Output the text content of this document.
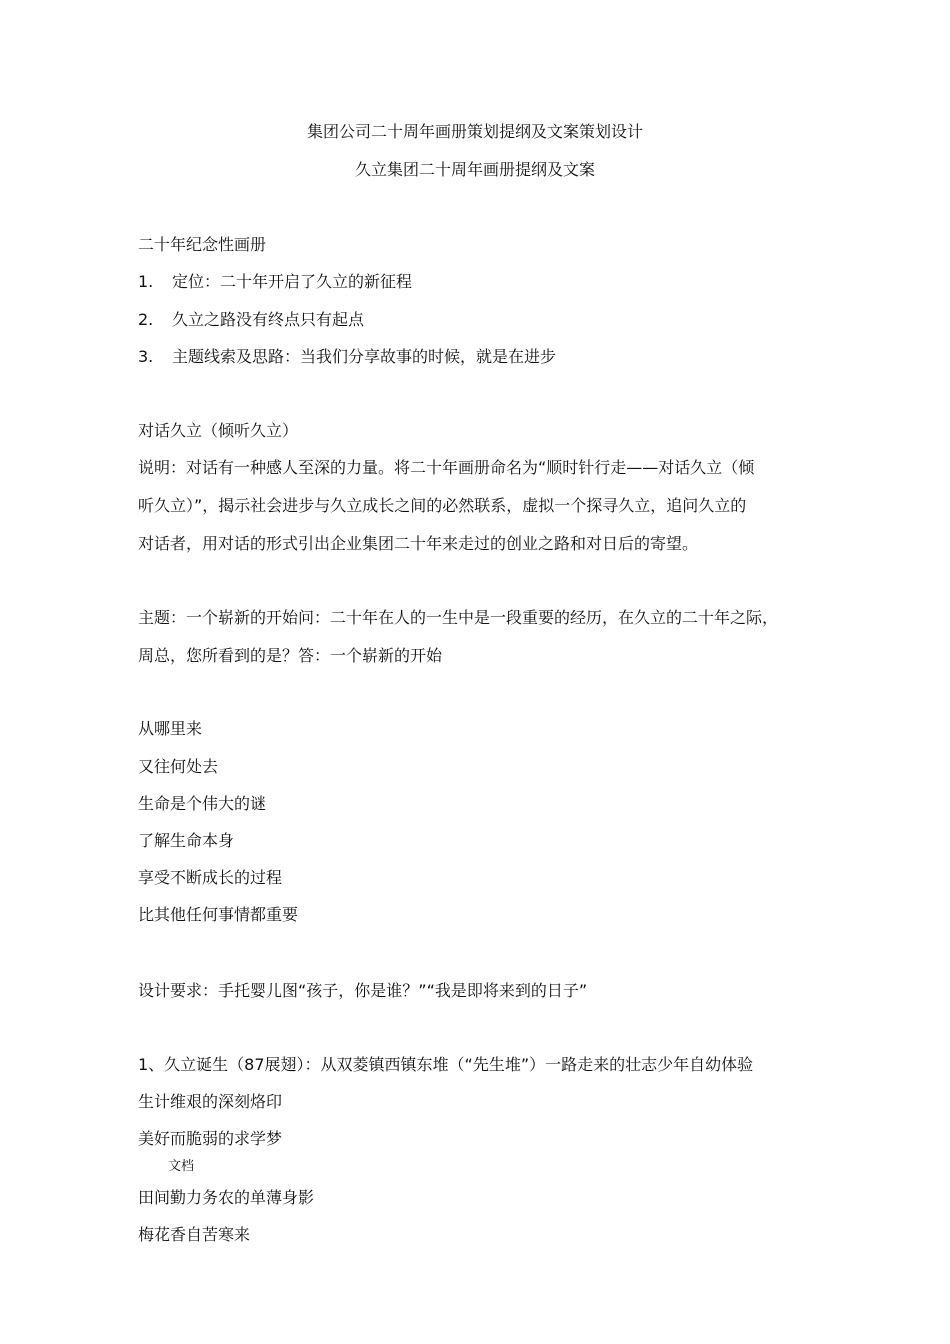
集团公司二十周年画册策划提纲及文案策划设计
久立集团二十周年画册提纲及文案
二十年纪念性画册
1. 定位：二十年开启了久立的新征程
2. 久立之路没有终点只有起点
3. 主题线索及思路：当我们分享故事的时候，就是在进步
对话久立（倾听久立）
说明：对话有一种感人至深的力量。将二十年画册命名为“顺时针行走——对话久立（倾
听久立）”，揭示社会进步与久立成长之间的必然联系，虚拟一个探寻久立，追问久立的
对话者，用对话的形式引出企业集团二十年来走过的创业之路和对日后的寄望。
主题：一个崭新的开始问：二十年在人的一生中是一段重要的经历，在久立的二十年之际，
周总，您所看到的是？答：一个崭新的开始
从哪里来
又往何处去
生命是个伟大的谜
了解生命本身
享受不断成长的过程
比其他任何事情都重要
设计要求：手托婴儿图“孩子，你是谁？”“我是即将来到的日子”
1、久立诞生（87展翅）：从双菱镇西镇东堆（“先生堆”）一路走来的壮志少年自幼体验
生计维艰的深刻烙印
美好而脆弱的求学梦
文档
田间勤力务农的单薄身影
梅花香自苦寒来
